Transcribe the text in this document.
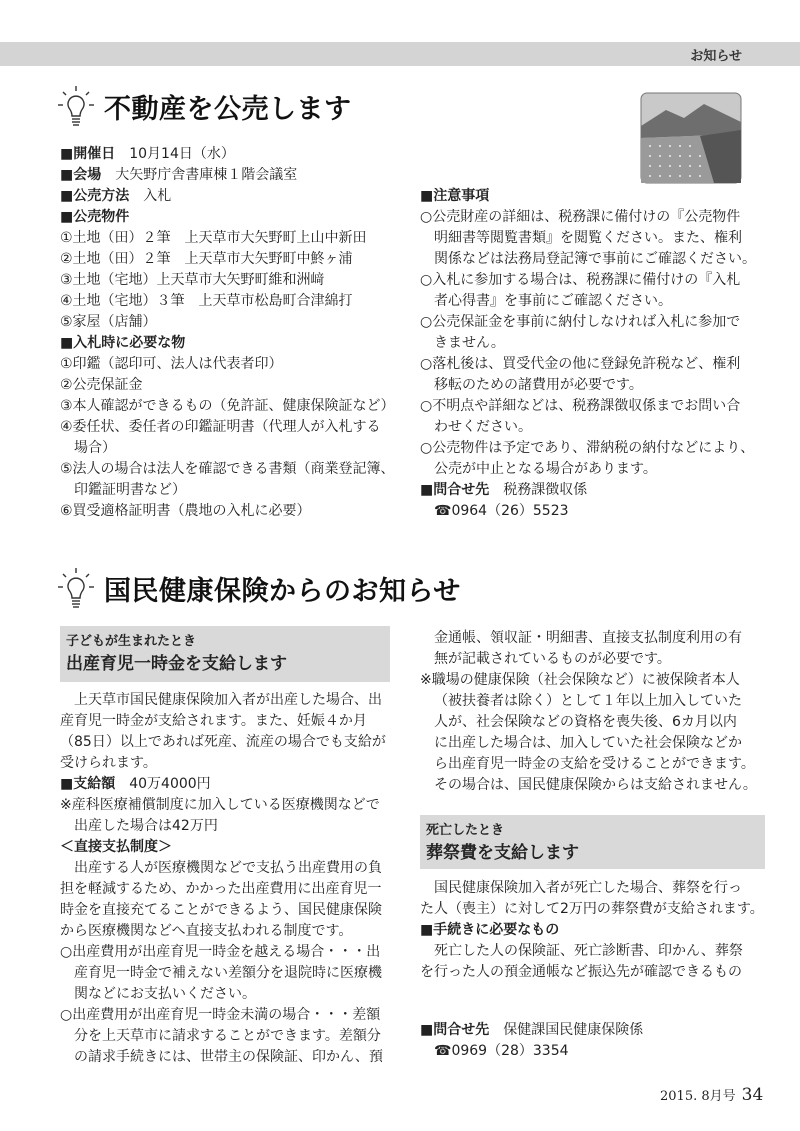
お知らせ
不動産を公売します
■開催日　10月14日（水）
■会場　大矢野庁舎書庫棟１階会議室
■公売方法　入札
■公売物件
①土地（田）２筆　上天草市大矢野町上山中新田
②土地（田）２筆　上天草市大矢野町中鮗ヶ浦
③土地（宅地）上天草市大矢野町維和洲﨑
④土地（宅地）３筆　上天草市松島町合津綿打
⑤家屋（店舗）
■入札時に必要な物
①印鑑（認印可、法人は代表者印）
②公売保証金
③本人確認ができるもの（免許証、健康保険証など）
④委任状、委任者の印鑑証明書（代理人が入札する
場合）
⑤法人の場合は法人を確認できる書類（商業登記簿、
印鑑証明書など）
⑥買受適格証明書（農地の入札に必要）
■注意事項
○公売財産の詳細は、税務課に備付けの『公売物件
明細書等閲覧書類』を閲覧ください。また、権利
関係などは法務局登記簿で事前にご確認ください。
○入札に参加する場合は、税務課に備付けの『入札
者心得書』を事前にご確認ください。
○公売保証金を事前に納付しなければ入札に参加で
きません。
○落札後は、買受代金の他に登録免許税など、権利
移転のための諸費用が必要です。
○不明点や詳細などは、税務課徴収係までお問い合
わせください。
○公売物件は予定であり、滞納税の納付などにより、
公売が中止となる場合があります。
■問合せ先　税務課徴収係
☎0964（26）5523
国民健康保険からのお知らせ
子どもが生まれたとき
出産育児一時金を支給します
　上天草市国民健康保険加入者が出産した場合、出
産育児一時金が支給されます。また、妊娠４か月
（85日）以上であれば死産、流産の場合でも支給が
受けられます。
■支給額　40万4000円
※産科医療補償制度に加入している医療機関などで
出産した場合は42万円
＜直接支払制度＞
　出産する人が医療機関などで支払う出産費用の負
担を軽減するため、かかった出産費用に出産育児一
時金を直接充てることができるよう、国民健康保険
から医療機関などへ直接支払われる制度です。
○出産費用が出産育児一時金を越える場合・・・出
産育児一時金で補えない差額分を退院時に医療機
関などにお支払いください。
○出産費用が出産育児一時金未満の場合・・・差額
分を上天草市に請求することができます。差額分
の請求手続きには、世帯主の保険証、印かん、預
金通帳、領収証・明細書、直接支払制度利用の有
無が記載されているものが必要です。
※職場の健康保険（社会保険など）に被保険者本人
（被扶養者は除く）として１年以上加入していた
人が、社会保険などの資格を喪失後、6カ月以内
に出産した場合は、加入していた社会保険などか
ら出産育児一時金の支給を受けることができます。
その場合は、国民健康保険からは支給されません。
死亡したとき
葬祭費を支給します
　国民健康保険加入者が死亡した場合、葬祭を行っ
た人（喪主）に対して2万円の葬祭費が支給されます。
■手続きに必要なもの
　死亡した人の保険証、死亡診断書、印かん、葬祭
を行った人の預金通帳など振込先が確認できるもの
■問合せ先　保健課国民健康保険係
☎0969（28）3354
2015. 8月号 34
